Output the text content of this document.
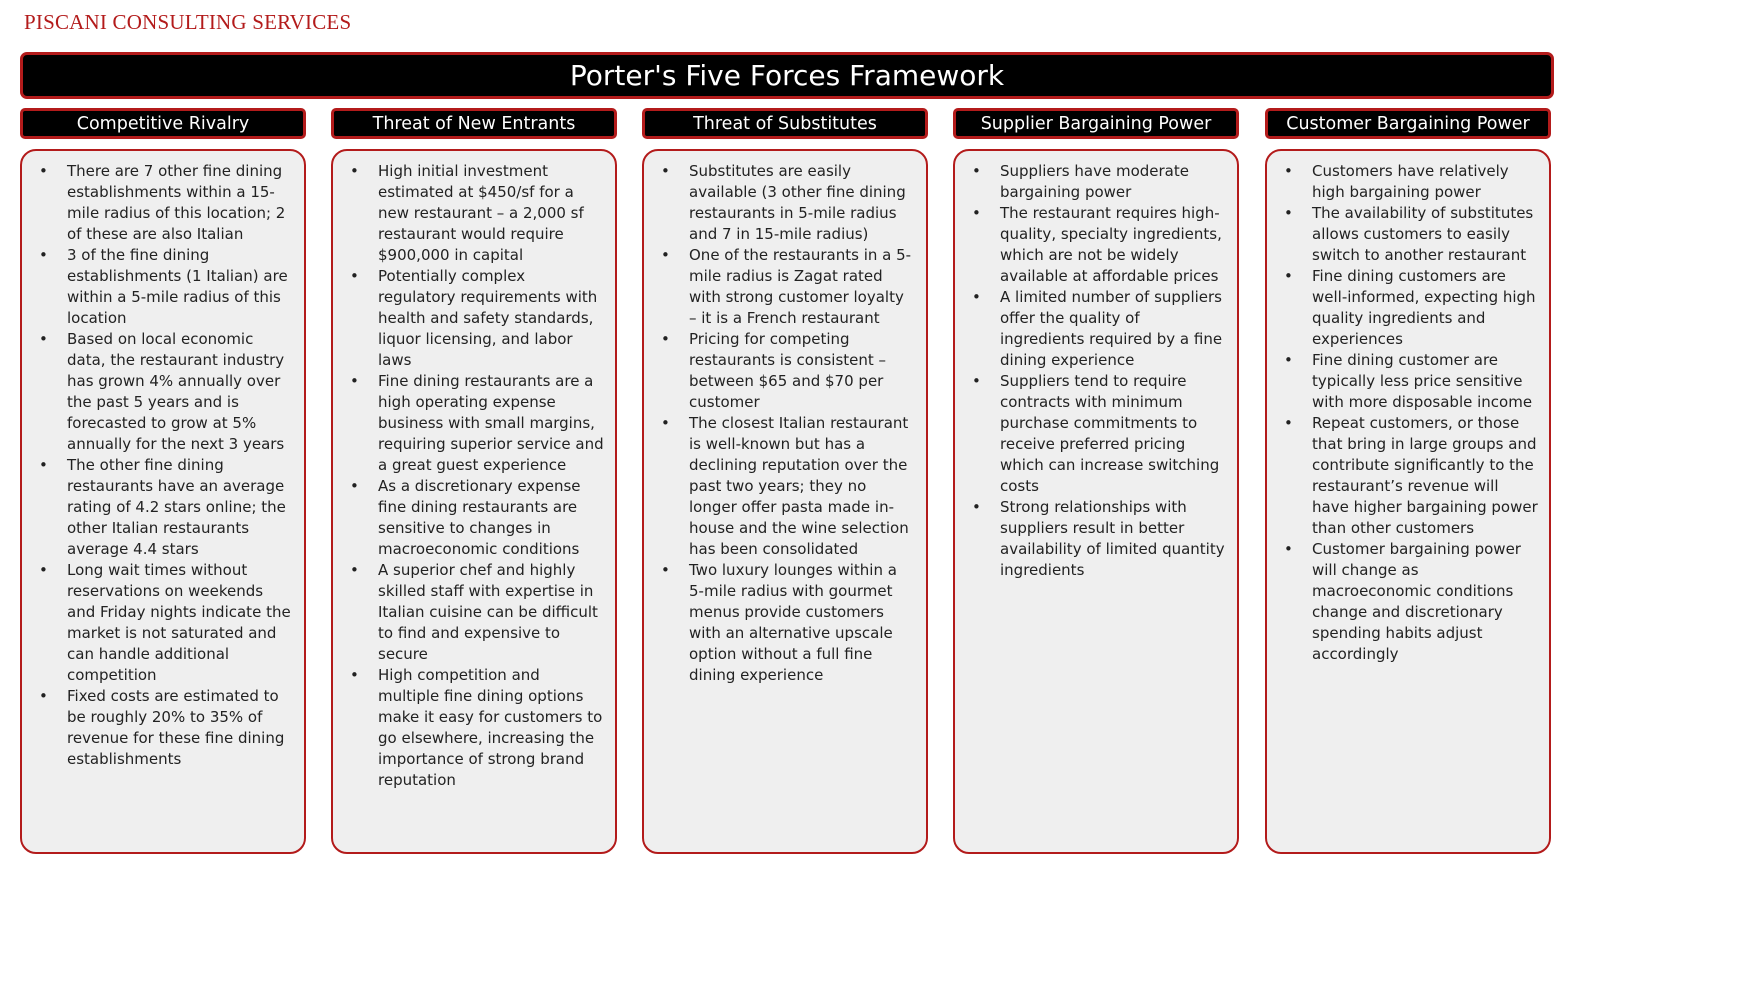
PISCANI CONSULTING SERVICES
Porter's Five Forces Framework
Competitive Rivalry
• There are 7 other fine dining establishments within a 15-mile radius of this location; 2 of these are also Italian
• 3 of the fine dining establishments (1 Italian) are within a 5-mile radius of this location
• Based on local economic data, the restaurant industry has grown 4% annually over the past 5 years and is forecasted to grow at 5% annually for the next 3 years
• The other fine dining restaurants have an average rating of 4.2 stars online; the other Italian restaurants average 4.4 stars
• Long wait times without reservations on weekends and Friday nights indicate the market is not saturated and can handle additional competition
• Fixed costs are estimated to be roughly 20% to 35% of revenue for these fine dining establishments
Threat of New Entrants
• High initial investment estimated at $450/sf for a new restaurant – a 2,000 sf restaurant would require $900,000 in capital
• Potentially complex regulatory requirements with health and safety standards, liquor licensing, and labor laws
• Fine dining restaurants are a high operating expense business with small margins, requiring superior service and a great guest experience
• As a discretionary expense fine dining restaurants are sensitive to changes in macroeconomic conditions
• A superior chef and highly skilled staff with expertise in Italian cuisine can be difficult to find and expensive to secure
• High competition and multiple fine dining options make it easy for customers to go elsewhere, increasing the importance of strong brand reputation
Threat of Substitutes
• Substitutes are easily available (3 other fine dining restaurants in 5-mile radius and 7 in 15-mile radius)
• One of the restaurants in a 5-mile radius is Zagat rated with strong customer loyalty – it is a French restaurant
• Pricing for competing restaurants is consistent – between $65 and $70 per customer
• The closest Italian restaurant is well-known but has a declining reputation over the past two years; they no longer offer pasta made in-house and the wine selection has been consolidated
• Two luxury lounges within a 5-mile radius with gourmet menus provide customers with an alternative upscale option without a full fine dining experience
Supplier Bargaining Power
• Suppliers have moderate bargaining power
• The restaurant requires high-quality, specialty ingredients, which are not be widely available at affordable prices
• A limited number of suppliers offer the quality of ingredients required by a fine dining experience
• Suppliers tend to require contracts with minimum purchase commitments to receive preferred pricing which can increase switching costs
• Strong relationships with suppliers result in better availability of limited quantity ingredients
Customer Bargaining Power
• Customers have relatively high bargaining power
• The availability of substitutes allows customers to easily switch to another restaurant
• Fine dining customers are well-informed, expecting high quality ingredients and experiences
• Fine dining customer are typically less price sensitive with more disposable income
• Repeat customers, or those that bring in large groups and contribute significantly to the restaurant’s revenue will have higher bargaining power than other customers
• Customer bargaining power will change as macroeconomic conditions change and discretionary spending habits adjust accordingly
